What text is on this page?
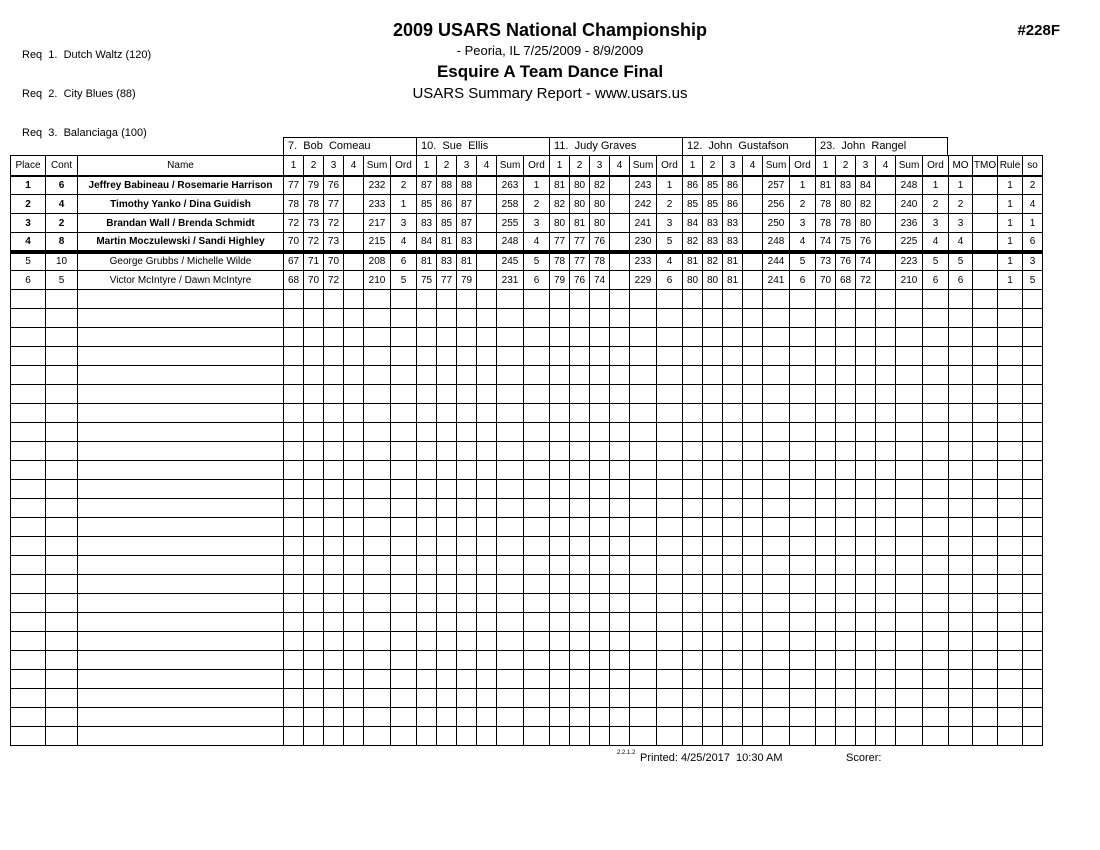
Req  1.  Dutch Waltz (120)

Req  2.  City Blues (88)

Req  3.  Balanciaga (100)

2009 USARS National Championship
- Peoria, IL 7/25/2009 - 8/9/2009
Esquire A Team Dance Final
USARS Summary Report - www.usars.us
#228F
7.  Bob  Comeau	10.  Sue  Ellis	11.  Judy Graves	12.  John  Gustafson	23.  John  Rangel
Place	Cont	Name	1	2	3	4	Sum	Ord	1	2	3	4	Sum	Ord	1	2	3	4	Sum	Ord	1	2	3	4	Sum	Ord	1	2	3	4	Sum	Ord	MO	TMO	Rule	so
1	6	Jeffrey Babineau / Rosemarie Harrison	77	79	76		232	2	87	88	88		263	1	81	80	82		243	1	86	85	86		257	1	81	83	84		248	1	1		1	2
2	4	Timothy Yanko / Dina Guidish	78	78	77		233	1	85	86	87		258	2	82	80	80		242	2	85	85	86		256	2	78	80	82		240	2	2		1	4
3	2	Brandan Wall / Brenda Schmidt	72	73	72		217	3	83	85	87		255	3	80	81	80		241	3	84	83	83		250	3	78	78	80		236	3	3		1	1
4	8	Martin Moczulewski / Sandi Highley	70	72	73		215	4	84	81	83		248	4	77	77	76		230	5	82	83	83		248	4	74	75	76		225	4	4		1	6
5	10	George Grubbs / Michelle Wilde	67	71	70		208	6	81	83	81		245	5	78	77	78		233	4	81	82	81		244	5	73	76	74		223	5	5		1	3
6	5	Victor McIntyre / Dawn McIntyre	68	70	72		210	5	75	77	79		231	6	79	76	74		229	6	80	80	81		241	6	70	68	72		210	6	6		1	5

2.2.1.2 Printed: 4/25/2017  10:30 AM	Scorer:
